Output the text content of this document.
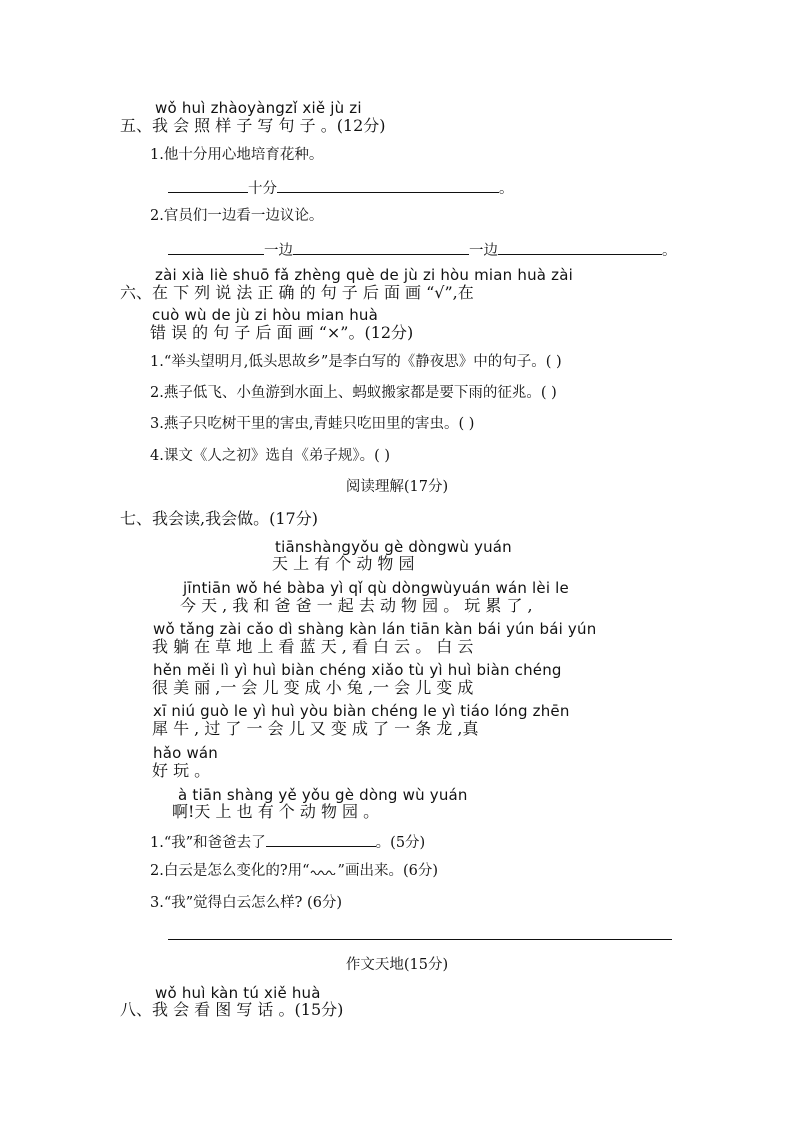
wǒ huì zhàoyàngzǐ xiě jù zi
五、我 会 照 样 子 写 句 子 。(12分)
1.他十分用心地培育花种。
十分	。
2.官员们一边看一边议论。
一边	一边	。
zài xià liè shuō fǎ zhèng què de jù zi hòu mian huà zài
六、在 下 列 说 法 正 确 的 句 子 后 面 画 “√”,在
cuò wù de jù zi hòu mian huà
错 误 的 句 子 后 面 画 “×”。(12分)
1.“举头望明月,低头思故乡”是李白写的《静夜思》中的句子。( )
2.燕子低飞、小鱼游到水面上、蚂蚁搬家都是要下雨的征兆。( )
3.燕子只吃树干里的害虫,青蛙只吃田里的害虫。( )
4.课文《人之初》选自《弟子规》。( )
阅读理解(17分)
七、我会读,我会做。(17分)
tiānshàngyǒu gè dòngwù yuán
天 上 有 个 动 物 园
jīntiān wǒ hé bàba yì qǐ qù dòngwùyuán wán lèi le
今 天 , 我 和 爸 爸 一 起 去 动 物 园 。 玩 累 了 ,
wǒ tǎng zài cǎo dì shàng kàn lán tiān kàn bái yún bái yún
我 躺 在 草 地 上 看 蓝 天 , 看 白 云 。 白 云
hěn měi lì yì huì biàn chéng xiǎo tù yì huì biàn chéng
很 美 丽 ,一 会 儿 变 成 小 兔 ,一 会 儿 变 成
xī niú guò le yì huì yòu biàn chéng le yì tiáo lóng zhēn
犀 牛 , 过 了 一 会 儿 又 变 成 了 一 条 龙 ,真
hǎo wán
好 玩 。
à tiān shàng yě yǒu gè dòng wù yuán
啊!天 上 也 有 个 动 物 园 。
1.“我”和爸爸去了	。(5分)
2.白云是怎么变化的?用“ ”画出来。(6分)
3.“我”觉得白云怎么样? (6分)
作文天地(15分)
wǒ huì kàn tú xiě huà
八、我 会 看 图 写 话 。(15分)
